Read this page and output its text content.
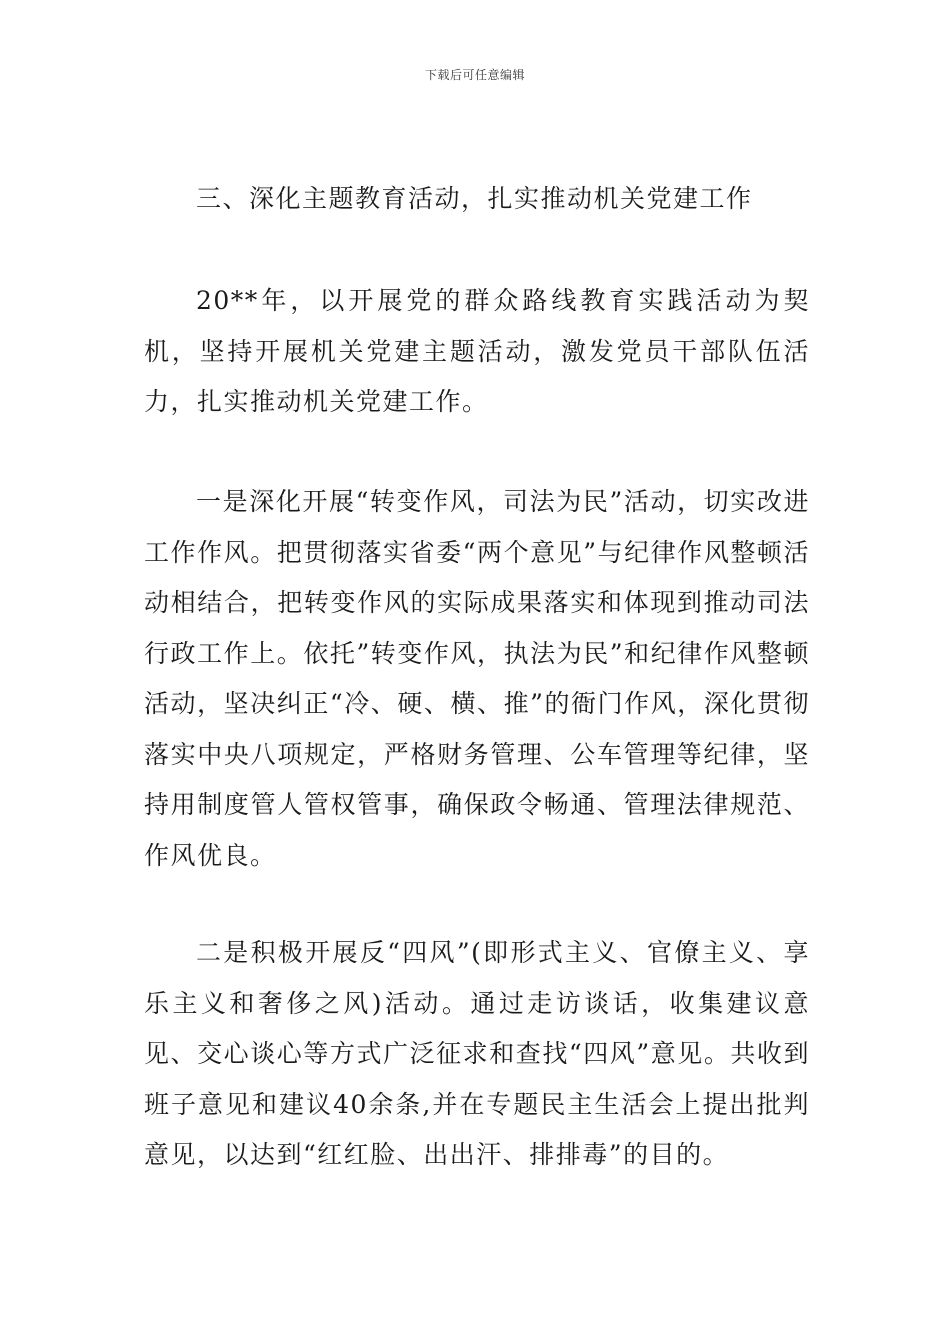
下载后可任意编辑
三、深化主题教育活动，扎实推动机关党建工作

20**年，以开展党的群众路线教育实践活动为契机，坚持开展机关党建主题活动，激发党员干部队伍活力，扎实推动机关党建工作。

一是深化开展“转变作风，司法为民”活动，切实改进工作作风。把贯彻落实省委“两个意见”与纪律作风整顿活动相结合，把转变作风的实际成果落实和体现到推动司法行政工作上。依托”转变作风，执法为民”和纪律作风整顿活动，坚决纠正“冷、硬、横、推”的衙门作风，深化贯彻落实中央八项规定，严格财务管理、公车管理等纪律，坚持用制度管人管权管事，确保政令畅通、管理法律规范、作风优良。

二是积极开展反“四风”(即形式主义、官僚主义、享乐主义和奢侈之风)活动。通过走访谈话，收集建议意见、交心谈心等方式广泛征求和查找“四风”意见。共收到班子意见和建议40余条,并在专题民主生活会上提出批判意见，以达到“红红脸、出出汗、排排毒”的目的。
